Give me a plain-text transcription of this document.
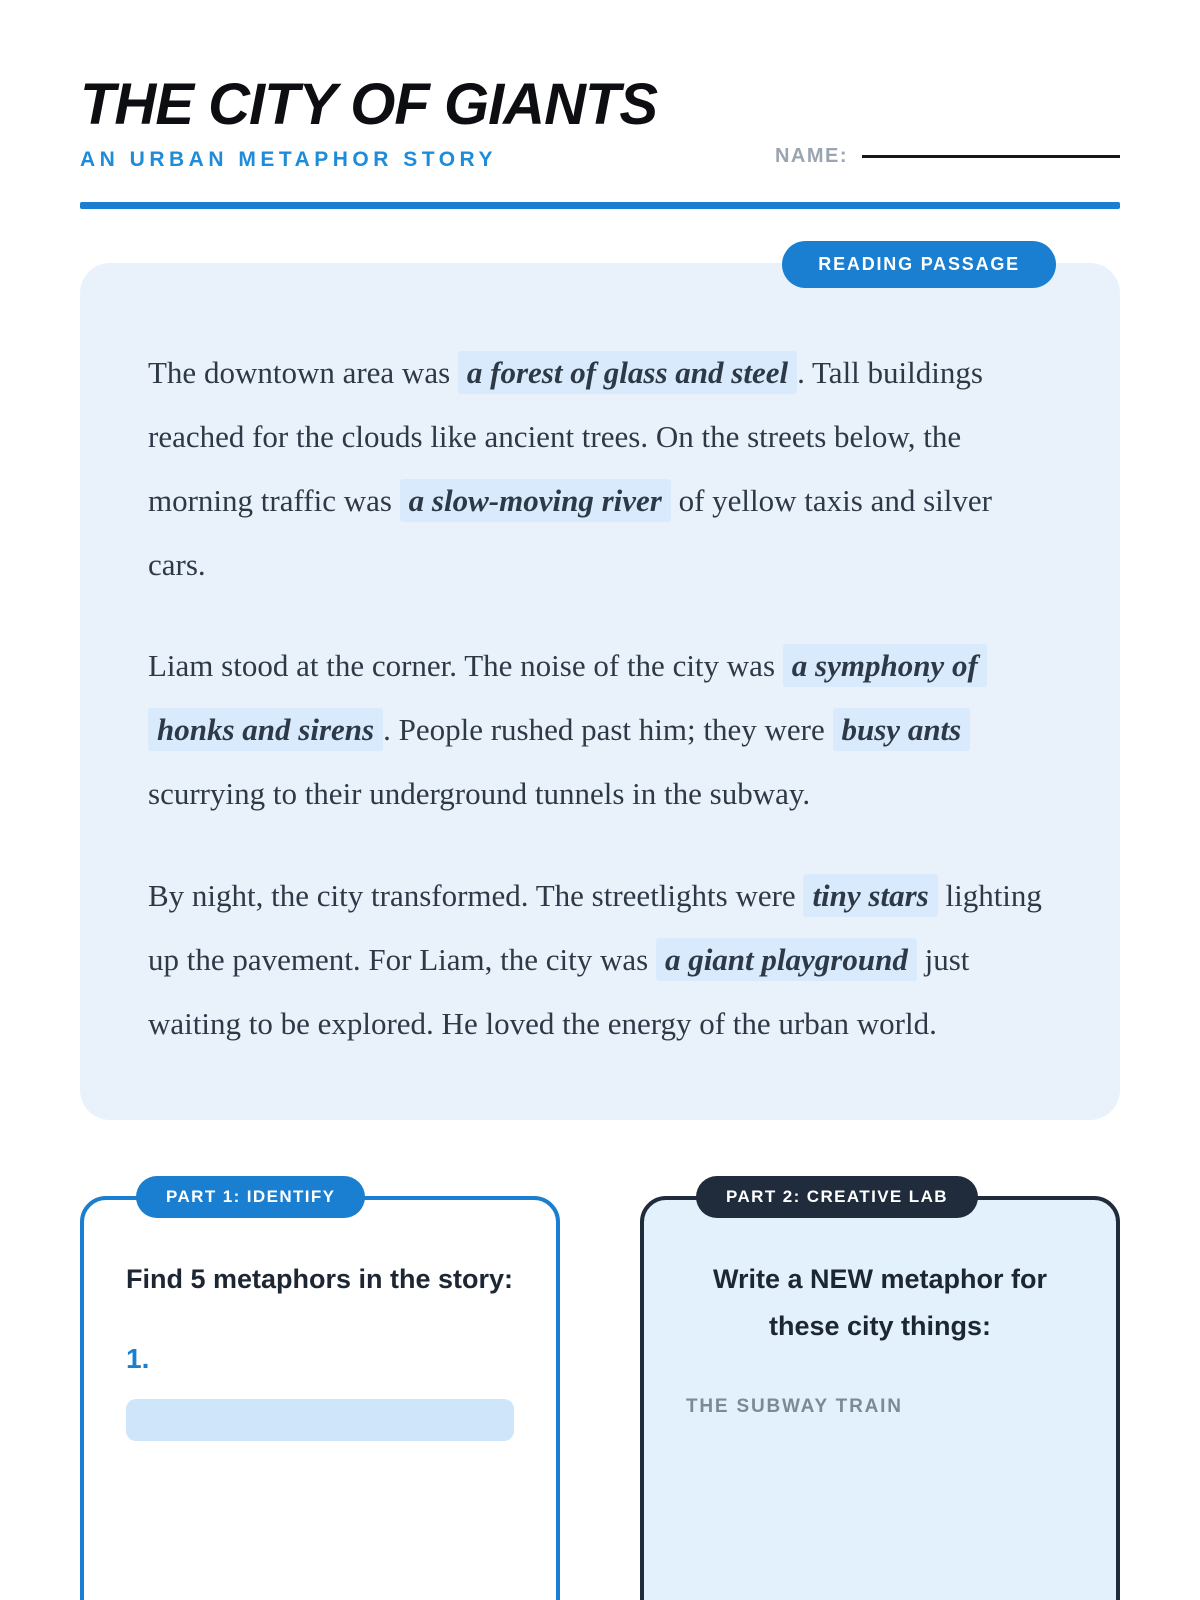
THE CITY OF GIANTS
AN URBAN METAPHOR STORY	NAME:
READING PASSAGE

The downtown area was a forest of glass and steel . Tall buildings reached for the clouds like ancient trees. On the streets below, the morning traffic was a slow-moving river of yellow taxis and silver cars.

Liam stood at the corner. The noise of the city was a symphony of honks and sirens . People rushed past him; they were busy ants scurrying to their underground tunnels in the subway.

By night, the city transformed. The streetlights were tiny stars lighting up the pavement. For Liam, the city was a giant playground just waiting to be explored. He loved the energy of the urban world.

PART 1: IDENTIFY

Find 5 metaphors in the story:

1.
PART 2: CREATIVE LAB

Write a NEW metaphor for these city things:

THE SUBWAY TRAIN
